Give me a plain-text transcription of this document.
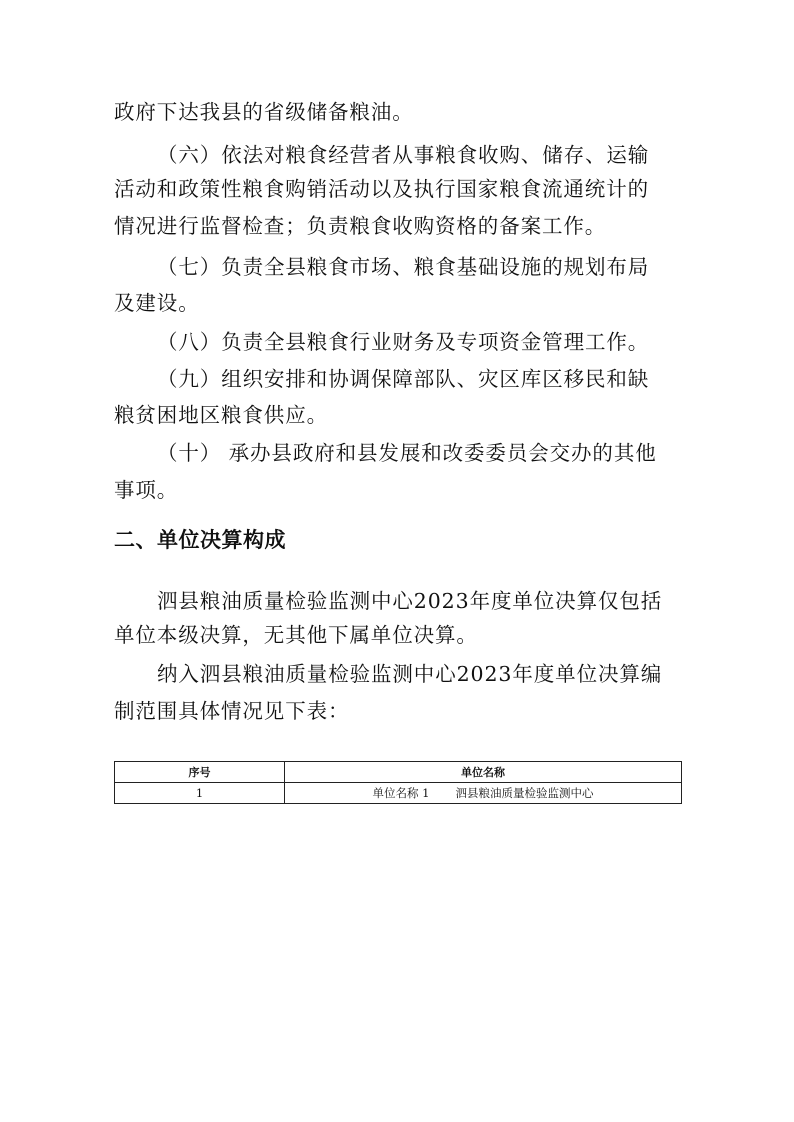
政府下达我县的省级储备粮油。
（六）依法对粮食经营者从事粮食收购、储存、运输
活动和政策性粮食购销活动以及执行国家粮食流通统计的
情况进行监督检查；负责粮食收购资格的备案工作。
（七）负责全县粮食市场、粮食基础设施的规划布局
及建设。
（八）负责全县粮食行业财务及专项资金管理工作。
（九）组织安排和协调保障部队、灾区库区移民和缺
粮贫困地区粮食供应。
（十） 承办县政府和县发展和改委委员会交办的其他
事项。
二、单位决算构成
泗县粮油质量检验监测中心2023年度单位决算仅包括
单位本级决算，无其他下属单位决算。
纳入泗县粮油质量检验监测中心2023年度单位决算编
制范围具体情况见下表：
序号	单位名称
1	单位名称 1 泗县粮油质量检验监测中心
